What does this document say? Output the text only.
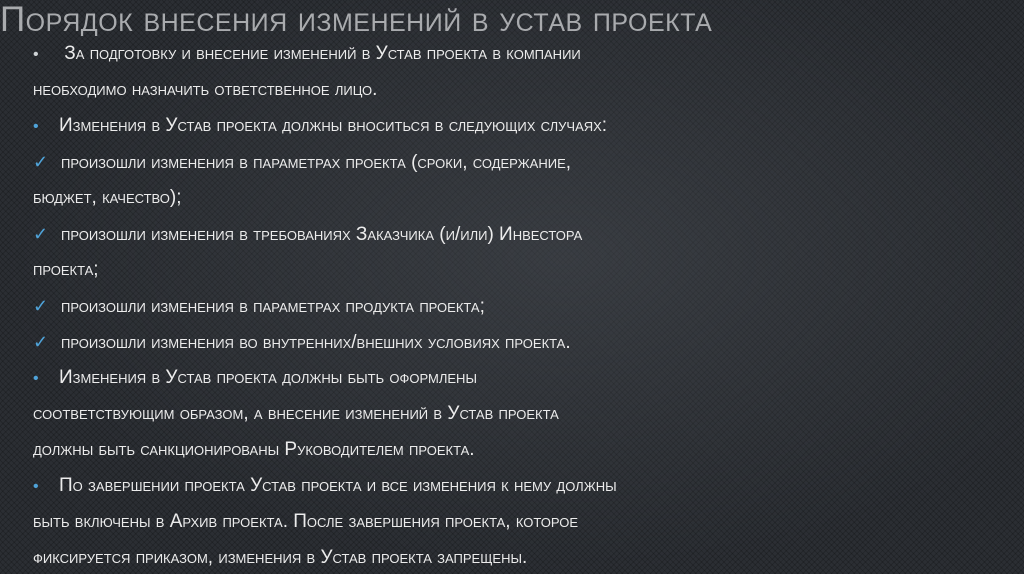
Порядок внесения изменений в устав проекта
• За подготовку и внесение изменений в Устав проекта в компании
необходимо назначить ответственное лицо.
• Изменения в Устав проекта должны вноситься в следующих случаях:
✓ произошли изменения в параметрах проекта (сроки, содержание,
бюджет, качество);
✓ произошли изменения в требованиях Заказчика (и/или) Инвестора
проекта;
✓ произошли изменения в параметрах продукта проекта;
✓ произошли изменения во внутренних/внешних условиях проекта.
• Изменения в Устав проекта должны быть оформлены
соответствующим образом, а внесение изменений в Устав проекта
должны быть санкционированы Руководителем проекта.
• По завершении проекта Устав проекта и все изменения к нему должны
быть включены в Архив проекта. После завершения проекта, которое
фиксируется приказом, изменения в Устав проекта запрещены.
